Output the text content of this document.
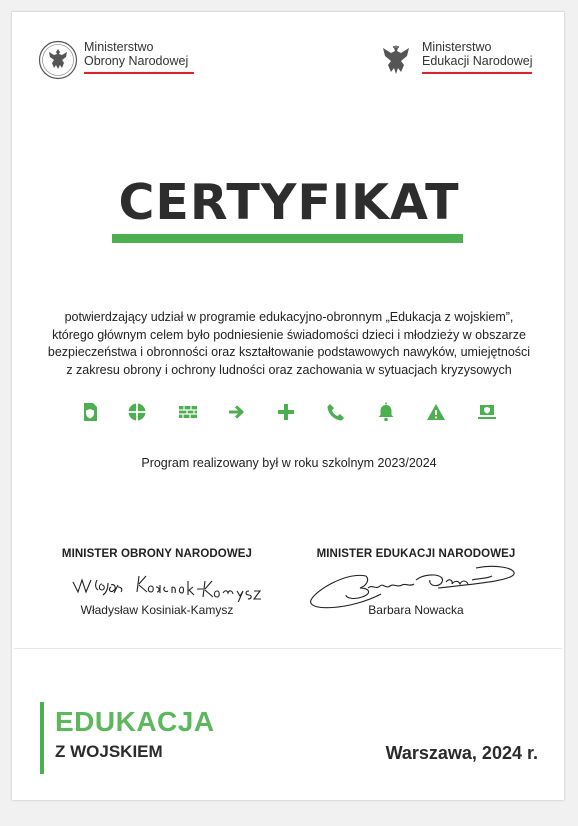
Ministerstwo
Obrony Narodowej
Ministerstwo
Edukacji Narodowej
CERTYFIKAT
potwierdzający udział w programie edukacyjno-obronnym „Edukacja z wojskiem”,
którego głównym celem było podniesienie świadomości dzieci i młodzieży w obszarze
bezpieczeństwa i obronności oraz kształtowanie podstawowych nawyków, umiejętności
z zakresu obrony i ochrony ludności oraz zachowania w sytuacjach kryzysowych
Program realizowany był w roku szkolnym 2023/2024
MINISTER OBRONY NARODOWEJ
Władysław Kosiniak-Kamysz
MINISTER EDUKACJI NARODOWEJ
Barbara Nowacka
EDUKACJA
Z WOJSKIEM	Warszawa, 2024 r.
